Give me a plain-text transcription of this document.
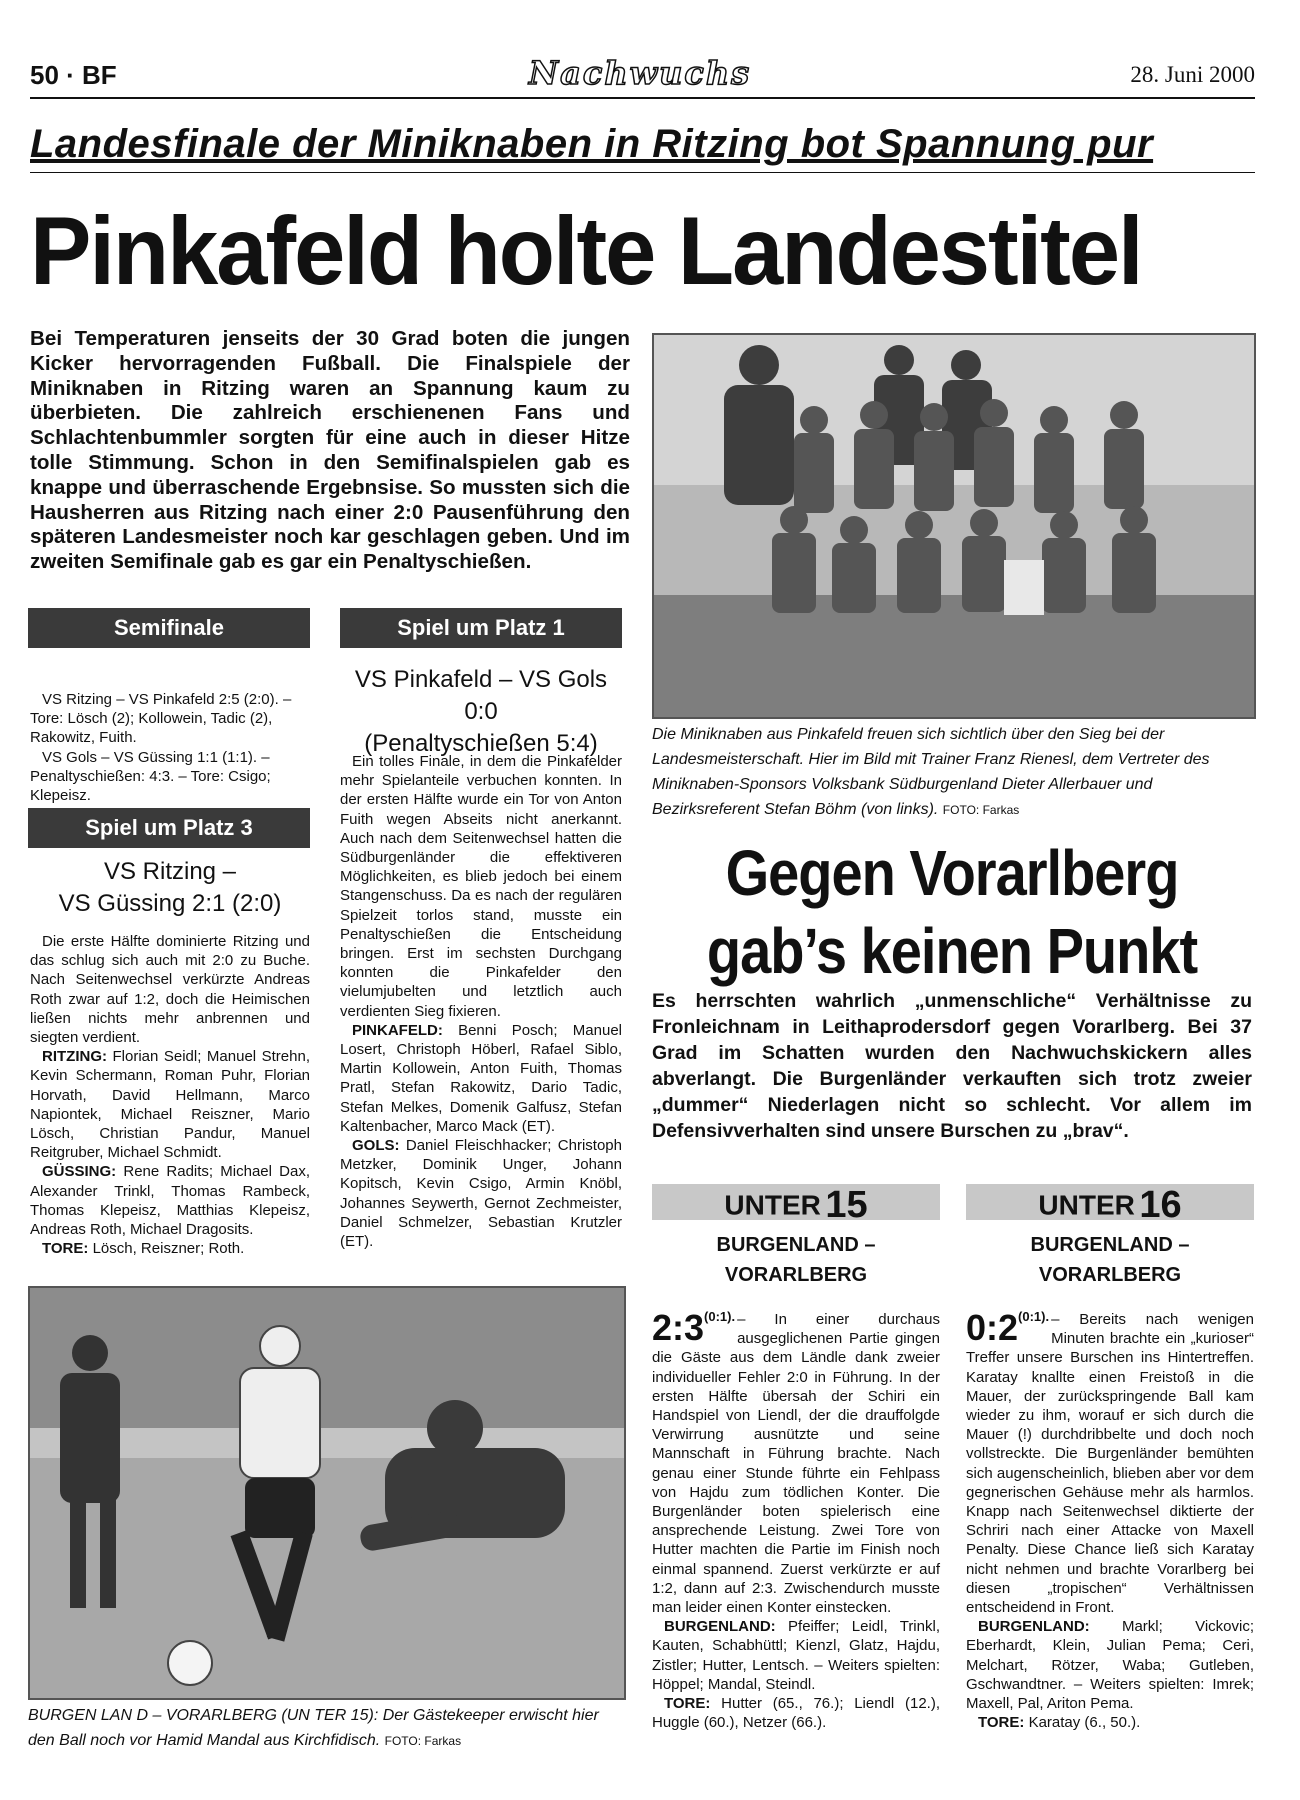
50 · BF	Nachwuchs	28. Juni 2000
Landesfinale der Miniknaben in Ritzing bot Spannung pur
Pinkafeld holte Landestitel
Bei Temperaturen jenseits der 30 Grad boten die jungen Kicker hervorragenden Fußball. Die Finalspiele der Miniknaben in Ritzing waren an Spannung kaum zu überbieten. Die zahlreich erschienenen Fans und Schlachtenbummler sorgten für eine auch in dieser Hitze tolle Stimmung. Schon in den Semifinalspielen gab es knappe und überraschende Ergebnsise. So mussten sich die Hausherren aus Ritzing nach einer 2:0 Pausenführung den späteren Landesmeister noch kar geschlagen geben. Und im zweiten Semifinale gab es gar ein Penaltyschießen.
Semifinale

VS Ritzing – VS Pinkafeld 2:5 (2:0). – Tore: Lösch (2); Kollowein, Tadic (2), Rakowitz, Fuith.

VS Gols – VS Güssing 1:1 (1:1). – Penaltyschießen: 4:3. – Tore: Csigo; Klepeisz.

Spiel um Platz 3
VS Ritzing –
VS Güssing 2:1 (2:0)

Die erste Hälfte dominierte Ritzing und das schlug sich auch mit 2:0 zu Buche. Nach Seitenwechsel verkürzte Andreas Roth zwar auf 1:2, doch die Heimischen ließen nichts mehr anbrennen und siegten verdient.

RITZING: Florian Seidl; Manuel Strehn, Kevin Schermann, Roman Puhr, Florian Horvath, David Hellmann, Marco Napiontek, Michael Reiszner, Mario Lösch, Christian Pandur, Manuel Reitgruber, Michael Schmidt.

GÜSSING: Rene Radits; Michael Dax, Alexander Trinkl, Thomas Rambeck, Thomas Klepeisz, Matthias Klepeisz, Andreas Roth, Michael Dragosits.

TORE: Lösch, Reiszner; Roth.

Spiel um Platz 1
VS Pinkafeld – VS Gols 0:0
(Penaltyschießen 5:4)

Ein tolles Finale, in dem die Pinkafelder mehr Spielanteile verbuchen konnten. In der ersten Hälfte wurde ein Tor von Anton Fuith wegen Abseits nicht anerkannt. Auch nach dem Seitenwechsel hatten die Südburgenländer die effektiveren Möglichkeiten, es blieb jedoch bei einem Stangenschuss. Da es nach der regulären Spielzeit torlos stand, musste ein Penaltyschießen die Entscheidung bringen. Erst im sechsten Durchgang konnten die Pinkafelder den vielumjubelten und letztlich auch verdienten Sieg fixieren.

PINKAFELD: Benni Posch; Manuel Losert, Christoph Höberl, Rafael Siblo, Martin Kollowein, Anton Fuith, Thomas Pratl, Stefan Rakowitz, Dario Tadic, Stefan Melkes, Domenik Galfusz, Stefan Kaltenbacher, Marco Mack (ET).

GOLS: Daniel Fleischhacker; Christoph Metzker, Dominik Unger, Johann Kopitsch, Kevin Csigo, Armin Knöbl, Johannes Seywerth, Gernot Zechmeister, Daniel Schmelzer, Sebastian Krutzler (ET).

Die Miniknaben aus Pinkafeld freuen sich sichtlich über den Sieg bei der Landesmeisterschaft. Hier im Bild mit Trainer Franz Rienesl, dem Vertreter des Miniknaben-Sponsors Volksbank Südburgenland Dieter Allerbauer und Bezirksreferent Stefan Böhm (von links). FOTO: Farkas
Gegen Vorarlberg
gab’s keinen Punkt
Es herrschten wahrlich „unmenschliche“ Verhältnisse zu Fronleichnam in Leithaprodersdorf gegen Vorarlberg. Bei 37 Grad im Schatten wurden den Nachwuchskickern alles abverlangt. Die Burgenländer verkauften sich trotz zweier „dummer“ Niederlagen nicht so schlecht. Vor allem im Defensivverhalten sind unsere Burschen zu „brav“.
UNTER 15
BURGENLAND –
VORARLBERG
$2:3^{(0:1).}$ – In einer durchaus ausgeglichenen Partie gingen die Gäste aus dem Ländle dank zweier individueller Fehler 2:0 in Führung. In der ersten Hälfte übersah der Schiri ein Handspiel von Liendl, der die drauffolgde Verwirrung ausnützte und seine Mannschaft in Führung brachte. Nach genau einer Stunde führte ein Fehlpass von Hajdu zum tödlichen Konter. Die Burgenländer boten spielerisch eine ansprechende Leistung. Zwei Tore von Hutter machten die Partie im Finish noch einmal spannend. Zuerst verkürzte er auf 1:2, dann auf 2:3. Zwischendurch musste man leider einen Konter einstecken.

BURGENLAND: Pfeiffer; Leidl, Trinkl, Kauten, Schabhüttl; Kienzl, Glatz, Hajdu, Zistler; Hutter, Lentsch. – Weiters spielten: Höppel; Mandal, Steindl.

TORE: Hutter (65., 76.); Liendl (12.), Huggle (60.), Netzer (66.).

UNTER 16
BURGENLAND –
VORARLBERG
$0:2^{(0:1).}$ – Bereits nach wenigen Minuten brachte ein „kurioser“ Treffer unsere Burschen ins Hintertreffen. Karatay knallte einen Freistoß in die Mauer, der zurückspringende Ball kam wieder zu ihm, worauf er sich durch die Mauer (!) durchdribbelte und doch noch vollstreckte. Die Burgenländer bemühten sich augenscheinlich, blieben aber vor dem gegnerischen Gehäuse mehr als harmlos. Knapp nach Seitenwechsel diktierte der Schriri nach einer Attacke von Maxell Penalty. Diese Chance ließ sich Karatay nicht nehmen und brachte Vorarlberg bei diesen „tropischen“ Verhältnissen entscheidend in Front.

BURGENLAND: Markl; Vickovic; Eberhardt, Klein, Julian Pema; Ceri, Melchart, Rötzer, Waba; Gutleben, Gschwandtner. – Weiters spielten: Imrek; Maxell, Pal, Ariton Pema.

TORE: Karatay (6., 50.).

BURGEN LAN D – VORARLBERG (UN TER 15): Der Gästekeeper erwischt hier den Ball noch vor Hamid Mandal aus Kirchfidisch. FOTO: Farkas
